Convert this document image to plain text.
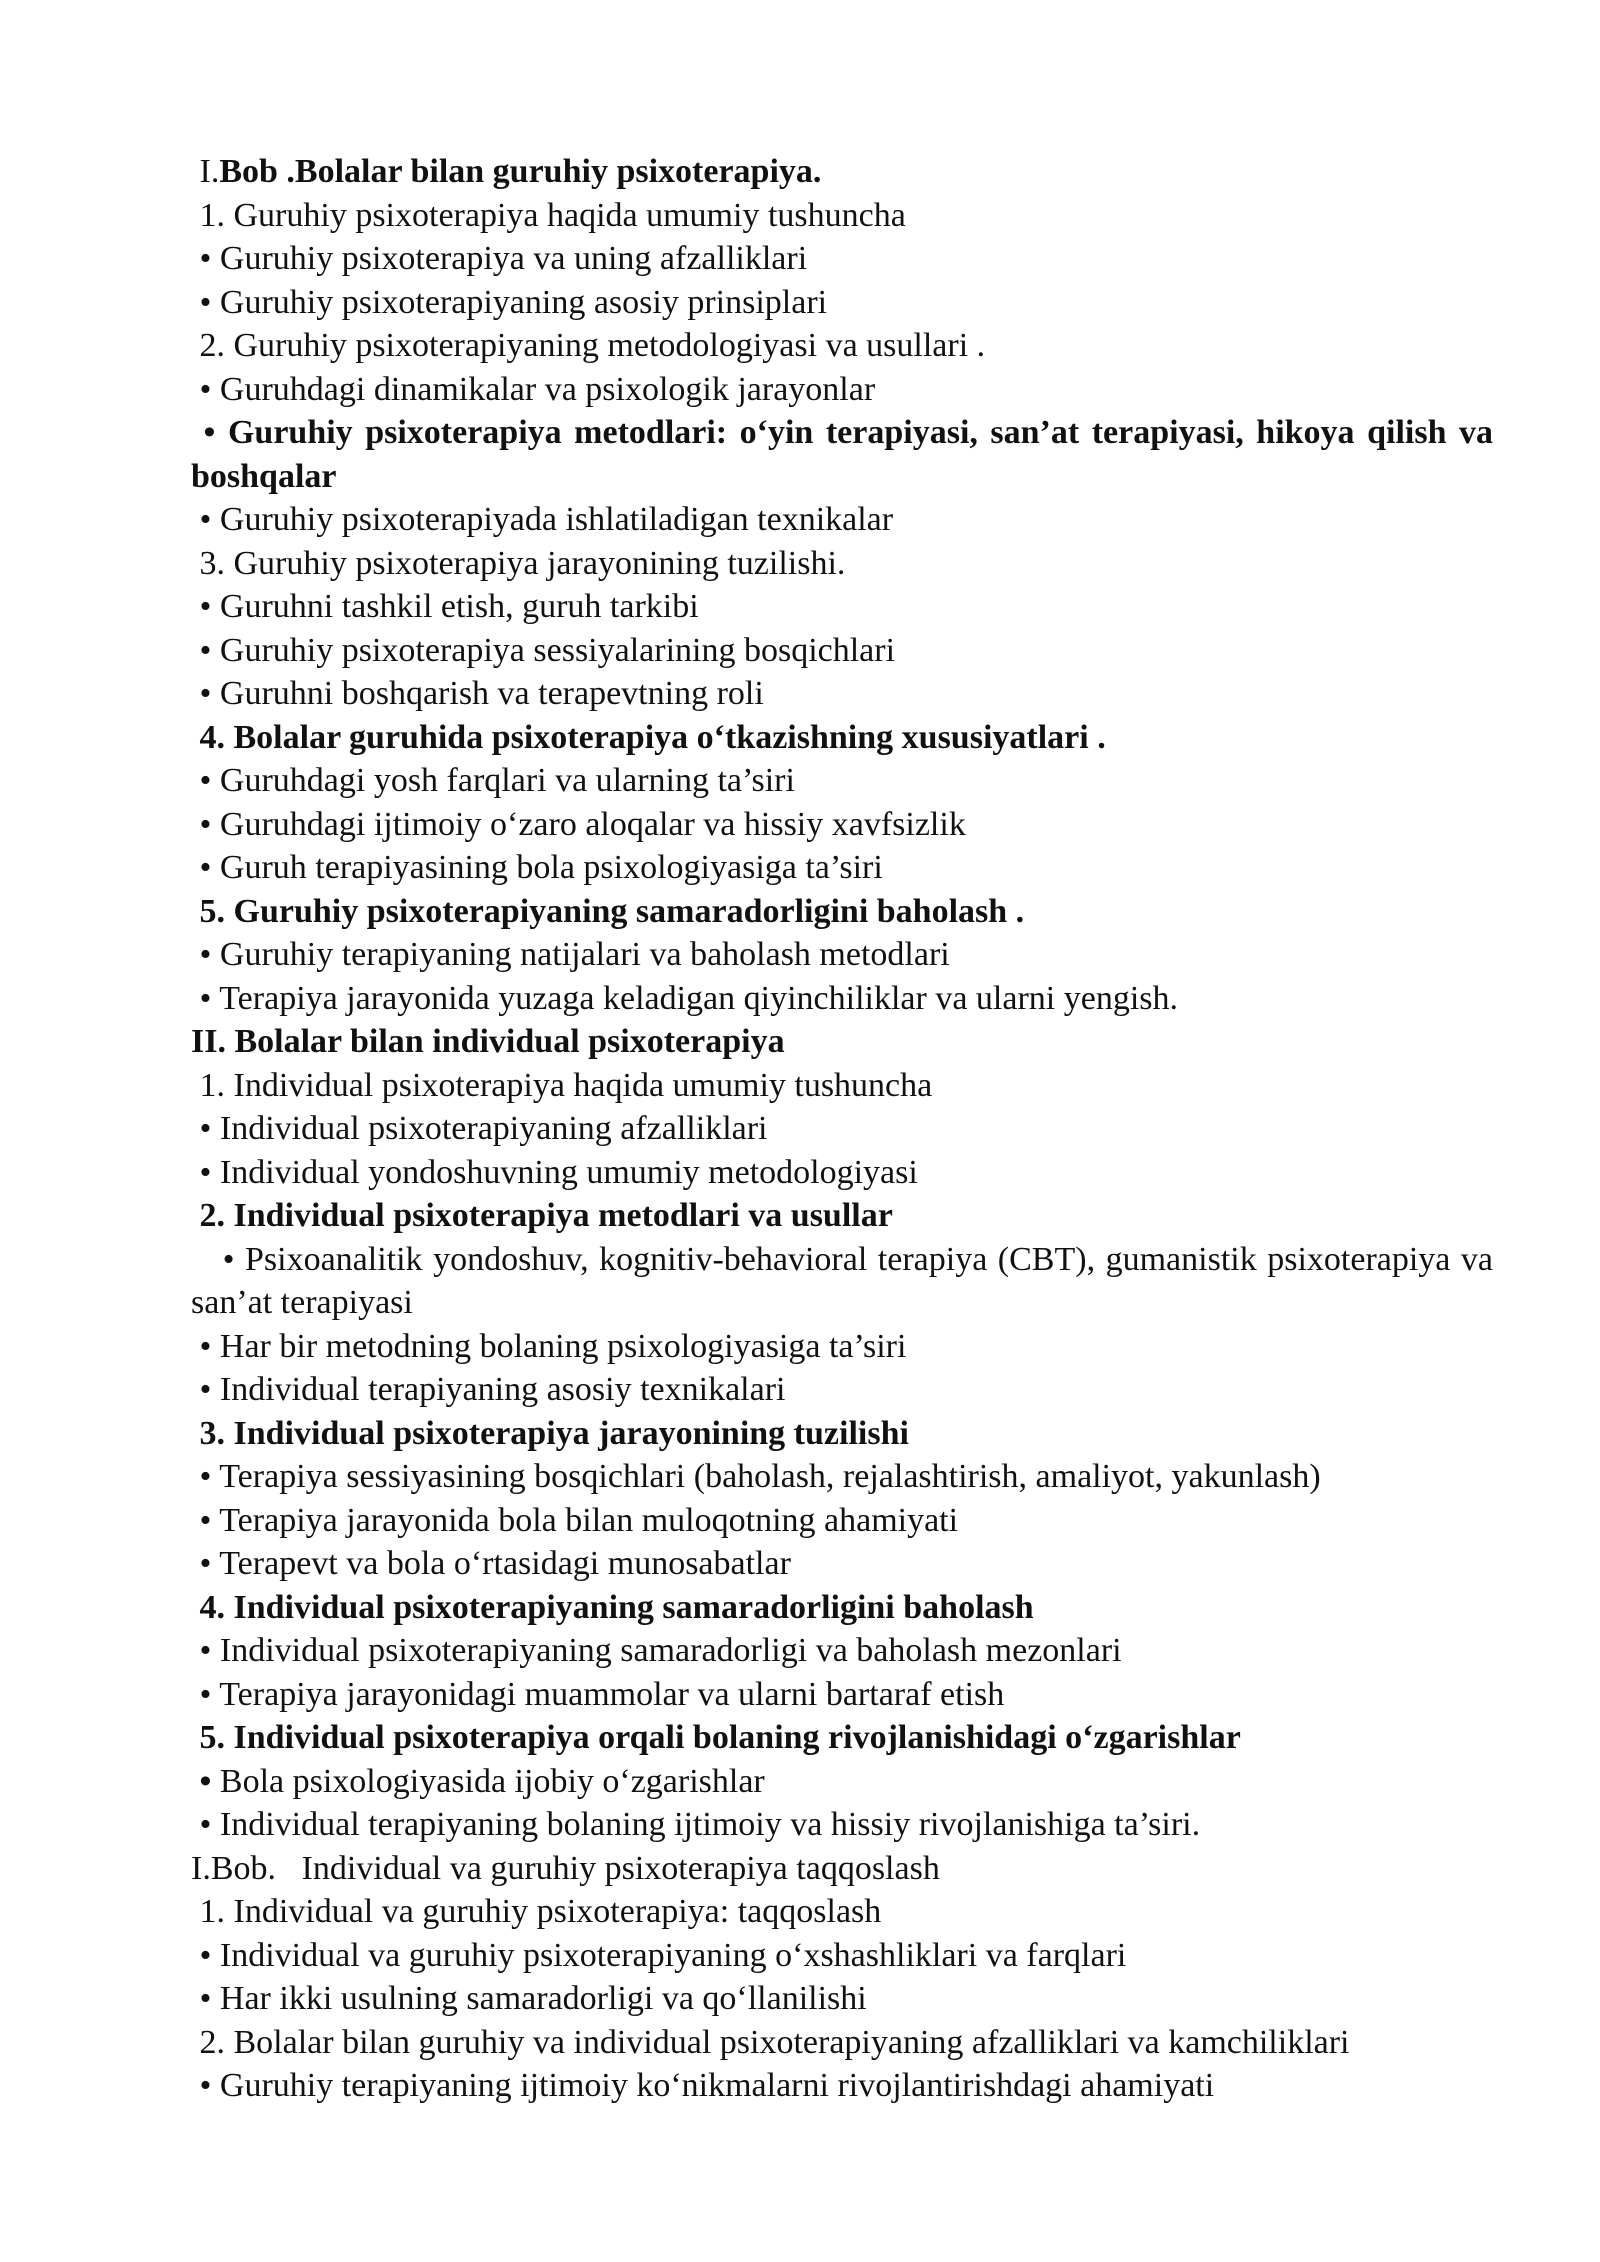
I.Bob .Bolalar bilan guruhiy psixoterapiya.

1. Guruhiy psixoterapiya haqida umumiy tushuncha

• Guruhiy psixoterapiya va uning afzalliklari

• Guruhiy psixoterapiyaning asosiy prinsiplari

2. Guruhiy psixoterapiyaning metodologiyasi va usullari .

• Guruhdagi dinamikalar va psixologik jarayonlar

• Guruhiy psixoterapiya metodlari: o‘yin terapiyasi, san’at terapiyasi, hikoya qilish va boshqalar

• Guruhiy psixoterapiyada ishlatiladigan texnikalar

3. Guruhiy psixoterapiya jarayonining tuzilishi.

• Guruhni tashkil etish, guruh tarkibi

• Guruhiy psixoterapiya sessiyalarining bosqichlari

• Guruhni boshqarish va terapevtning roli

4. Bolalar guruhida psixoterapiya o‘tkazishning xususiyatlari .

• Guruhdagi yosh farqlari va ularning ta’siri

• Guruhdagi ijtimoiy o‘zaro aloqalar va hissiy xavfsizlik

• Guruh terapiyasining bola psixologiyasiga ta’siri

5. Guruhiy psixoterapiyaning samaradorligini baholash .

• Guruhiy terapiyaning natijalari va baholash metodlari

• Terapiya jarayonida yuzaga keladigan qiyinchiliklar va ularni yengish.

II. Bolalar bilan individual psixoterapiya

1. Individual psixoterapiya haqida umumiy tushuncha

• Individual psixoterapiyaning afzalliklari

• Individual yondoshuvning umumiy metodologiyasi

2. Individual psixoterapiya metodlari va usullar

• Psixoanalitik yondoshuv, kognitiv-behavioral terapiya (CBT), gumanistik psixoterapiya va san’at terapiyasi

• Har bir metodning bolaning psixologiyasiga ta’siri

• Individual terapiyaning asosiy texnikalari

3. Individual psixoterapiya jarayonining tuzilishi

• Terapiya sessiyasining bosqichlari (baholash, rejalashtirish, amaliyot, yakunlash)

• Terapiya jarayonida bola bilan muloqotning ahamiyati

• Terapevt va bola o‘rtasidagi munosabatlar

4. Individual psixoterapiyaning samaradorligini baholash

• Individual psixoterapiyaning samaradorligi va baholash mezonlari

• Terapiya jarayonidagi muammolar va ularni bartaraf etish

5. Individual psixoterapiya orqali bolaning rivojlanishidagi o‘zgarishlar

• Bola psixologiyasida ijobiy o‘zgarishlar

• Individual terapiyaning bolaning ijtimoiy va hissiy rivojlanishiga ta’siri.

I.Bob.   Individual va guruhiy psixoterapiya taqqoslash

1. Individual va guruhiy psixoterapiya: taqqoslash

• Individual va guruhiy psixoterapiyaning o‘xshashliklari va farqlari

• Har ikki usulning samaradorligi va qo‘llanilishi

2. Bolalar bilan guruhiy va individual psixoterapiyaning afzalliklari va kamchiliklari

• Guruhiy terapiyaning ijtimoiy ko‘nikmalarni rivojlantirishdagi ahamiyati
